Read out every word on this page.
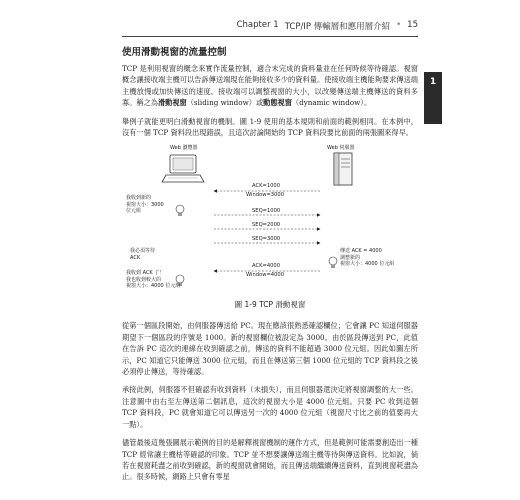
Chapter 1 TCP/IP 傳輸層和應用層介紹 • 15
1
使用滑動視窗的流量控制

TCP 是利用視窗的概念來實作流量控制，適合未完成的資料量並在任何時候等待確認。視窗概念讓接收端主機可以告訴傳送端現在能夠接收多少的資料量。使接收端主機能夠要求傳送端主機放慢或加快傳送的速度。接收端可以調整視窗的大小，以改變傳送端主機傳送的資料多寡。稱之為滑動視窗（sliding window）或動態視窗（dynamic window）。

舉例子就能更明白滑動視窗的機制。圖 1-9 使用的基本規則和前面的範例相同。在本例中，沒有一個 TCP 資料段出現錯誤，且這次討論開始的 TCP 資料段要比前面的兩張圖來得早。

Web 瀏覽器	Web 伺服器
ACK=1000
Window=3000
我收到新的
視窗大小：3000
位元組	SEQ=1000
SEQ=2000
SEQ=3000
我必須等待
ACK
傳送 ACK = 4000
調整新的
視窗大小：4000 位元組
ACK=4000
Window=4000
我收到 ACK 了！
我也收到較大的
視窗大小：4000 位元組
圖 1-9 TCP 滑動視窗

從第一個區段開始，由伺服器傳送給 PC。現在應該很熟悉確認欄位；它會讓 PC 知道伺服器期望下一個區段的序號是 1000。新的視窗欄位被設定為 3000。由於區段傳送到 PC，此值在告訴 PC 這次的連線在收到確認之前，傳送的資料不能超過 3000 位元組。因此如圖左所示，PC 知道它只能傳送 3000 位元組，而且在傳送第三個 1000 位元組的 TCP 資料段之後必須停止傳送，等待確認。

承接此例，伺服器不但確認有收到資料（未損失），而且伺服器還決定將視窗調整的大一些。注意圖中由右至左傳送第二個訊息，這次的視窗大小是 4000 位元組。只要 PC 收到這個 TCP 資料段，PC 就會知道它可以傳送另一次的 4000 位元組（視窗尺寸比之前的值要再大一點）。

儘管最後這幾張圖展示範例的目的是解釋視窗機制的運作方式，但是範例可能需要創造出一種 TCP 經常讓主機枯等確認的印象。TCP 並不想要讓傳送端主機等待與傳送資料。比如說，倘若在視窗耗盡之前收到確認，新的視窗就會開始，而且傳送端繼續傳送資料，直到視窗耗盡為止。很多時候，網路上只會有零星
